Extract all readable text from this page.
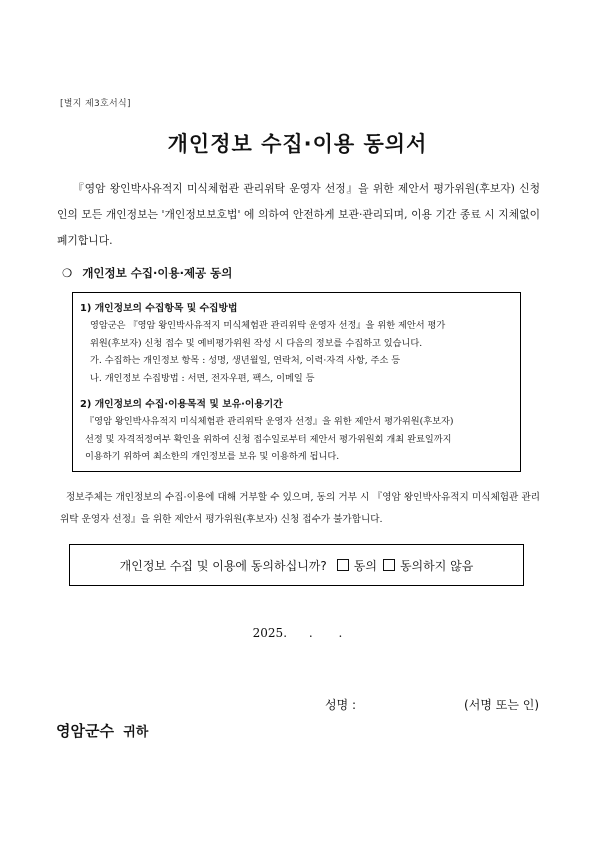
[별지 제3호서식]
개인정보 수집·이용 동의서
『영암 왕인박사유적지 미식체험관 관리위탁 운영자 선정』을 위한 제안서 평가위원(후보자) 신청인의 모든 개인정보는 '개인정보보호법' 에 의하여 안전하게 보관·관리되며, 이용 기간 종료 시 지체없이 폐기합니다.
❍ 개인정보 수집·이용·제공 동의
1) 개인정보의 수집항목 및 수집방법

영암군은 『영암 왕인박사유적지 미식체험관 관리위탁 운영자 선정』을 위한 제안서 평가

위원(후보자) 신청 접수 및 예비평가위원 작성 시 다음의 정보를 수집하고 있습니다.

가. 수집하는 개인정보 항목 : 성명, 생년월일, 연락처, 이력·자격 사항, 주소 등

나. 개인정보 수집방법 : 서면, 전자우편, 팩스, 이메일 등

2) 개인정보의 수집·이용목적 및 보유·이용기간

『영암 왕인박사유적지 미식체험관 관리위탁 운영자 선정』을 위한 제안서 평가위원(후보자)

선정 및 자격적정여부 확인을 위하여 신청 접수일로부터 제안서 평가위원회 개최 완료일까지

이용하기 위하여 최소한의 개인정보를 보유 및 이용하게 됩니다.

정보주체는 개인정보의 수집·이용에 대해 거부할 수 있으며, 동의 거부 시 『영암 왕인박사유적지 미식체험관 관리위탁 운영자 선정』을 위한 제안서 평가위원(후보자) 신청 접수가 불가합니다.
개인정보 수집 및 이용에 동의하십니까? 동의 동의하지 않음
2025. . .
성명 :	(서명 또는 인)
영암군수 귀하
